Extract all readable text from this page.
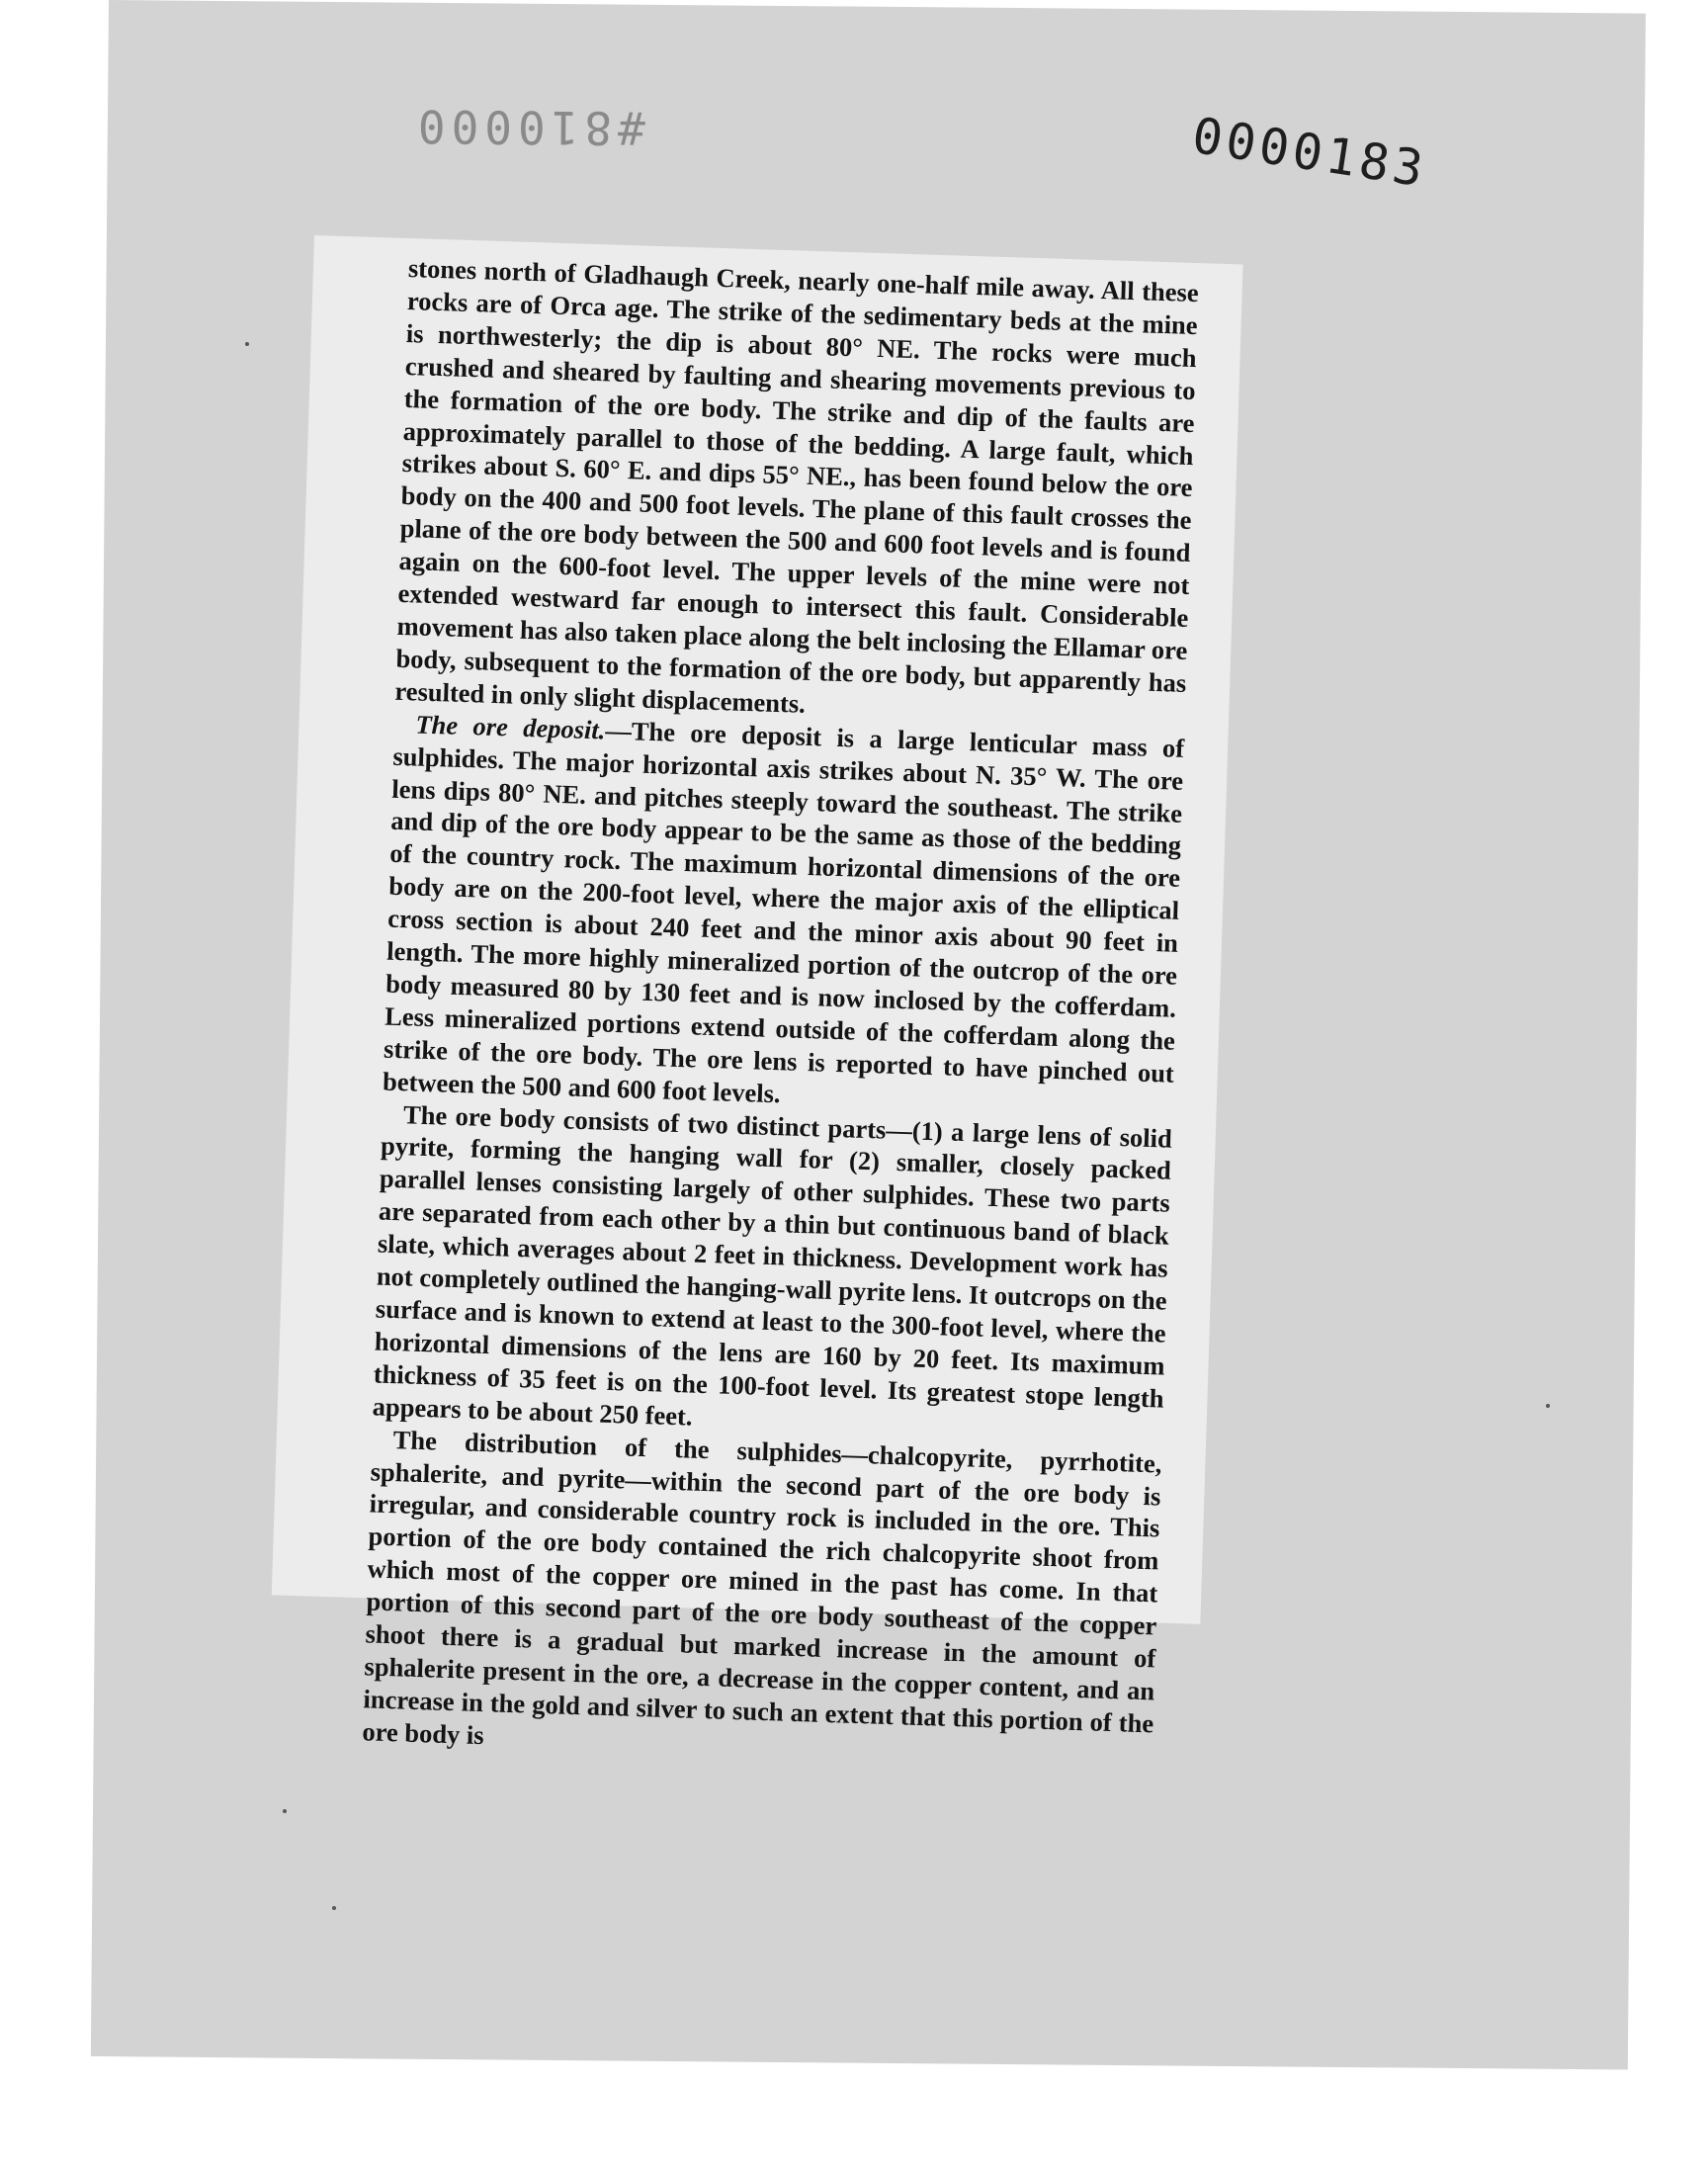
#810000	0000183

stones north of Gladhaugh Creek, nearly one-half mile away. All these rocks are of Orca age. The strike of the sedimentary beds at the mine is northwesterly; the dip is about 80° NE. The rocks were much crushed and sheared by faulting and shearing movements previous to the formation of the ore body. The strike and dip of the faults are approximately parallel to those of the bedding. A large fault, which strikes about S. 60° E. and dips 55° NE., has been found below the ore body on the 400 and 500 foot levels. The plane of this fault crosses the plane of the ore body between the 500 and 600 foot levels and is found again on the 600-foot level. The upper levels of the mine were not extended westward far enough to intersect this fault. Considerable movement has also taken place along the belt inclosing the Ellamar ore body, subsequent to the formation of the ore body, but apparently has resulted in only slight displacements.

The ore deposit.—The ore deposit is a large lenticular mass of sulphides. The major horizontal axis strikes about N. 35° W. The ore lens dips 80° NE. and pitches steeply toward the southeast. The strike and dip of the ore body appear to be the same as those of the bedding of the country rock. The maximum horizontal dimensions of the ore body are on the 200-foot level, where the major axis of the elliptical cross section is about 240 feet and the minor axis about 90 feet in length. The more highly mineralized portion of the outcrop of the ore body measured 80 by 130 feet and is now inclosed by the cofferdam. Less mineralized portions extend outside of the cofferdam along the strike of the ore body. The ore lens is reported to have pinched out between the 500 and 600 foot levels.

The ore body consists of two distinct parts—(1) a large lens of solid pyrite, forming the hanging wall for (2) smaller, closely packed parallel lenses consisting largely of other sulphides. These two parts are separated from each other by a thin but continuous band of black slate, which averages about 2 feet in thickness. Development work has not completely outlined the hanging-wall pyrite lens. It outcrops on the surface and is known to extend at least to the 300-foot level, where the horizontal dimensions of the lens are 160 by 20 feet. Its maximum thickness of 35 feet is on the 100-foot level. Its greatest stope length appears to be about 250 feet.

The distribution of the sulphides—chalcopyrite, pyrrhotite, sphalerite, and pyrite—within the second part of the ore body is irregular, and considerable country rock is included in the ore. This portion of the ore body contained the rich chalcopyrite shoot from which most of the copper ore mined in the past has come. In that portion of this second part of the ore body southeast of the copper shoot there is a gradual but marked increase in the amount of sphalerite present in the ore, a decrease in the copper content, and an increase in the gold and silver to such an extent that this portion of the ore body is
